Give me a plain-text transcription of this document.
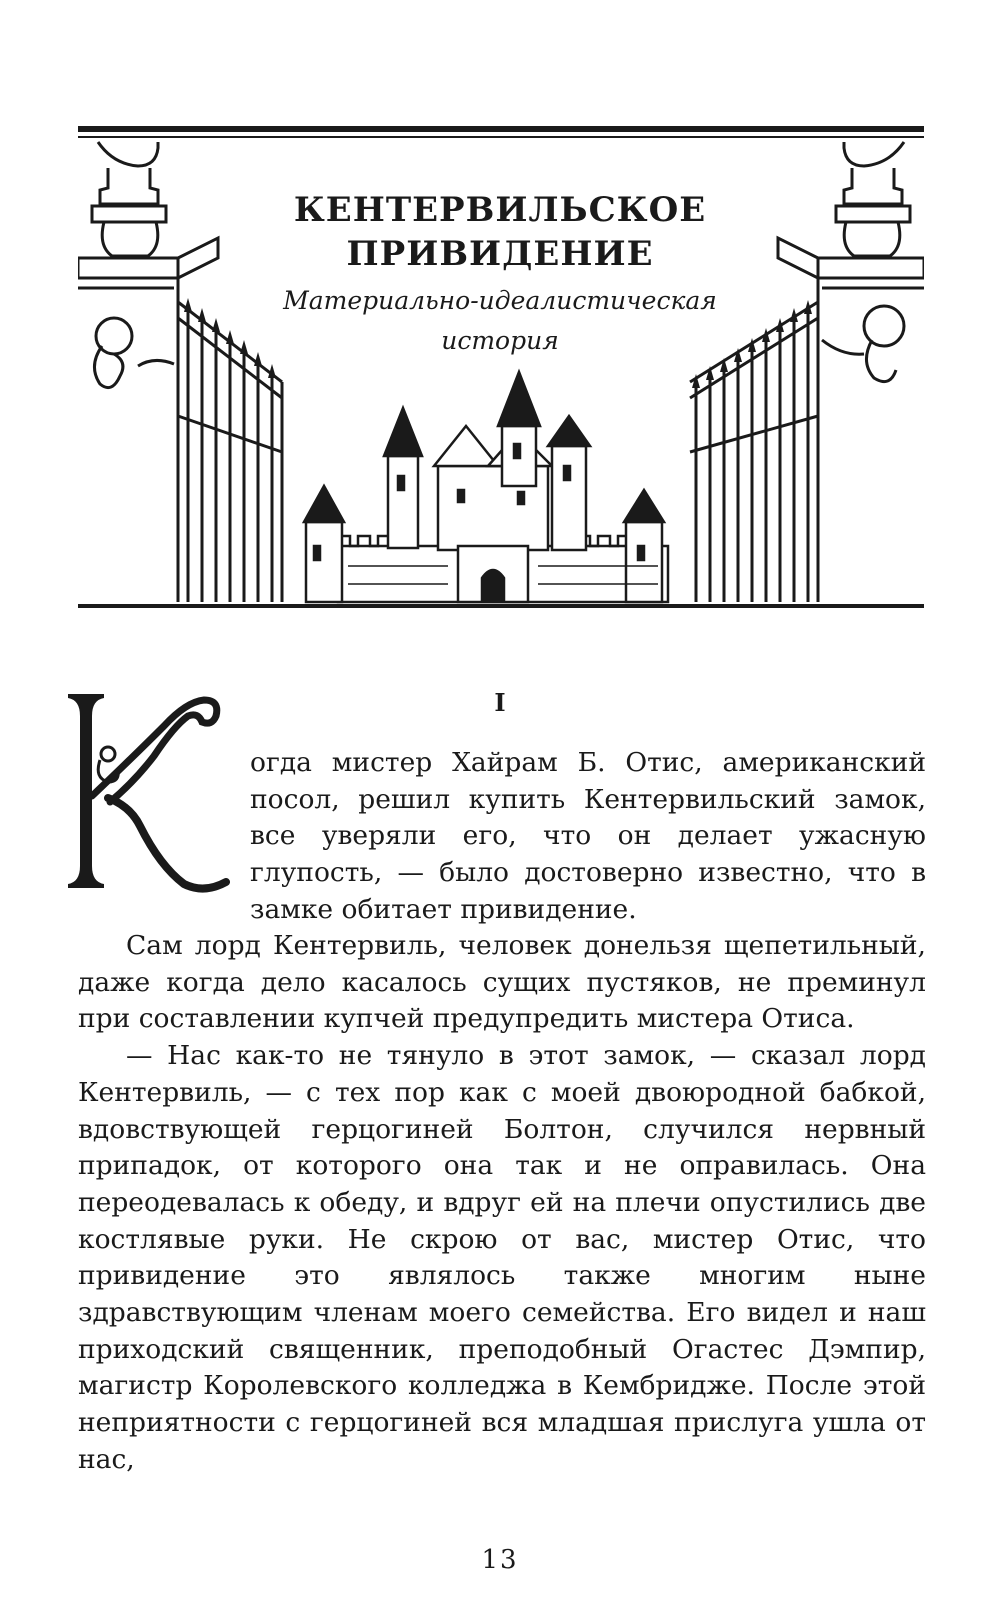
КЕНТЕРВИЛЬСКОЕ
ПРИВИДЕНИЕ
Материально-идеалистическая
история
I

огда мистер Хайрам Б. Отис, американский посол, решил купить Кентервильский замок, все уверяли его, что он делает ужасную глупость, — было достоверно известно, что в замке обитает привидение.

Сам лорд Кентервиль, человек донельзя щепетильный, даже когда дело касалось сущих пустяков, не преминул при составлении купчей предупредить мистера Отиса.

— Нас как-то не тянуло в этот замок, — сказал лорд Кентервиль, — с тех пор как с моей двоюродной бабкой, вдовствующей герцогиней Болтон, случился нервный припадок, от которого она так и не оправилась. Она переодевалась к обеду, и вдруг ей на плечи опустились две костлявые руки. Не скрою от вас, мистер Отис, что привидение это являлось также многим ныне здравствующим членам моего семейства. Его видел и наш приходский священник, преподобный Огастес Дэмпир, магистр Королевского колледжа в Кембридже. После этой неприятности с герцогиней вся младшая прислуга ушла от нас,

13
